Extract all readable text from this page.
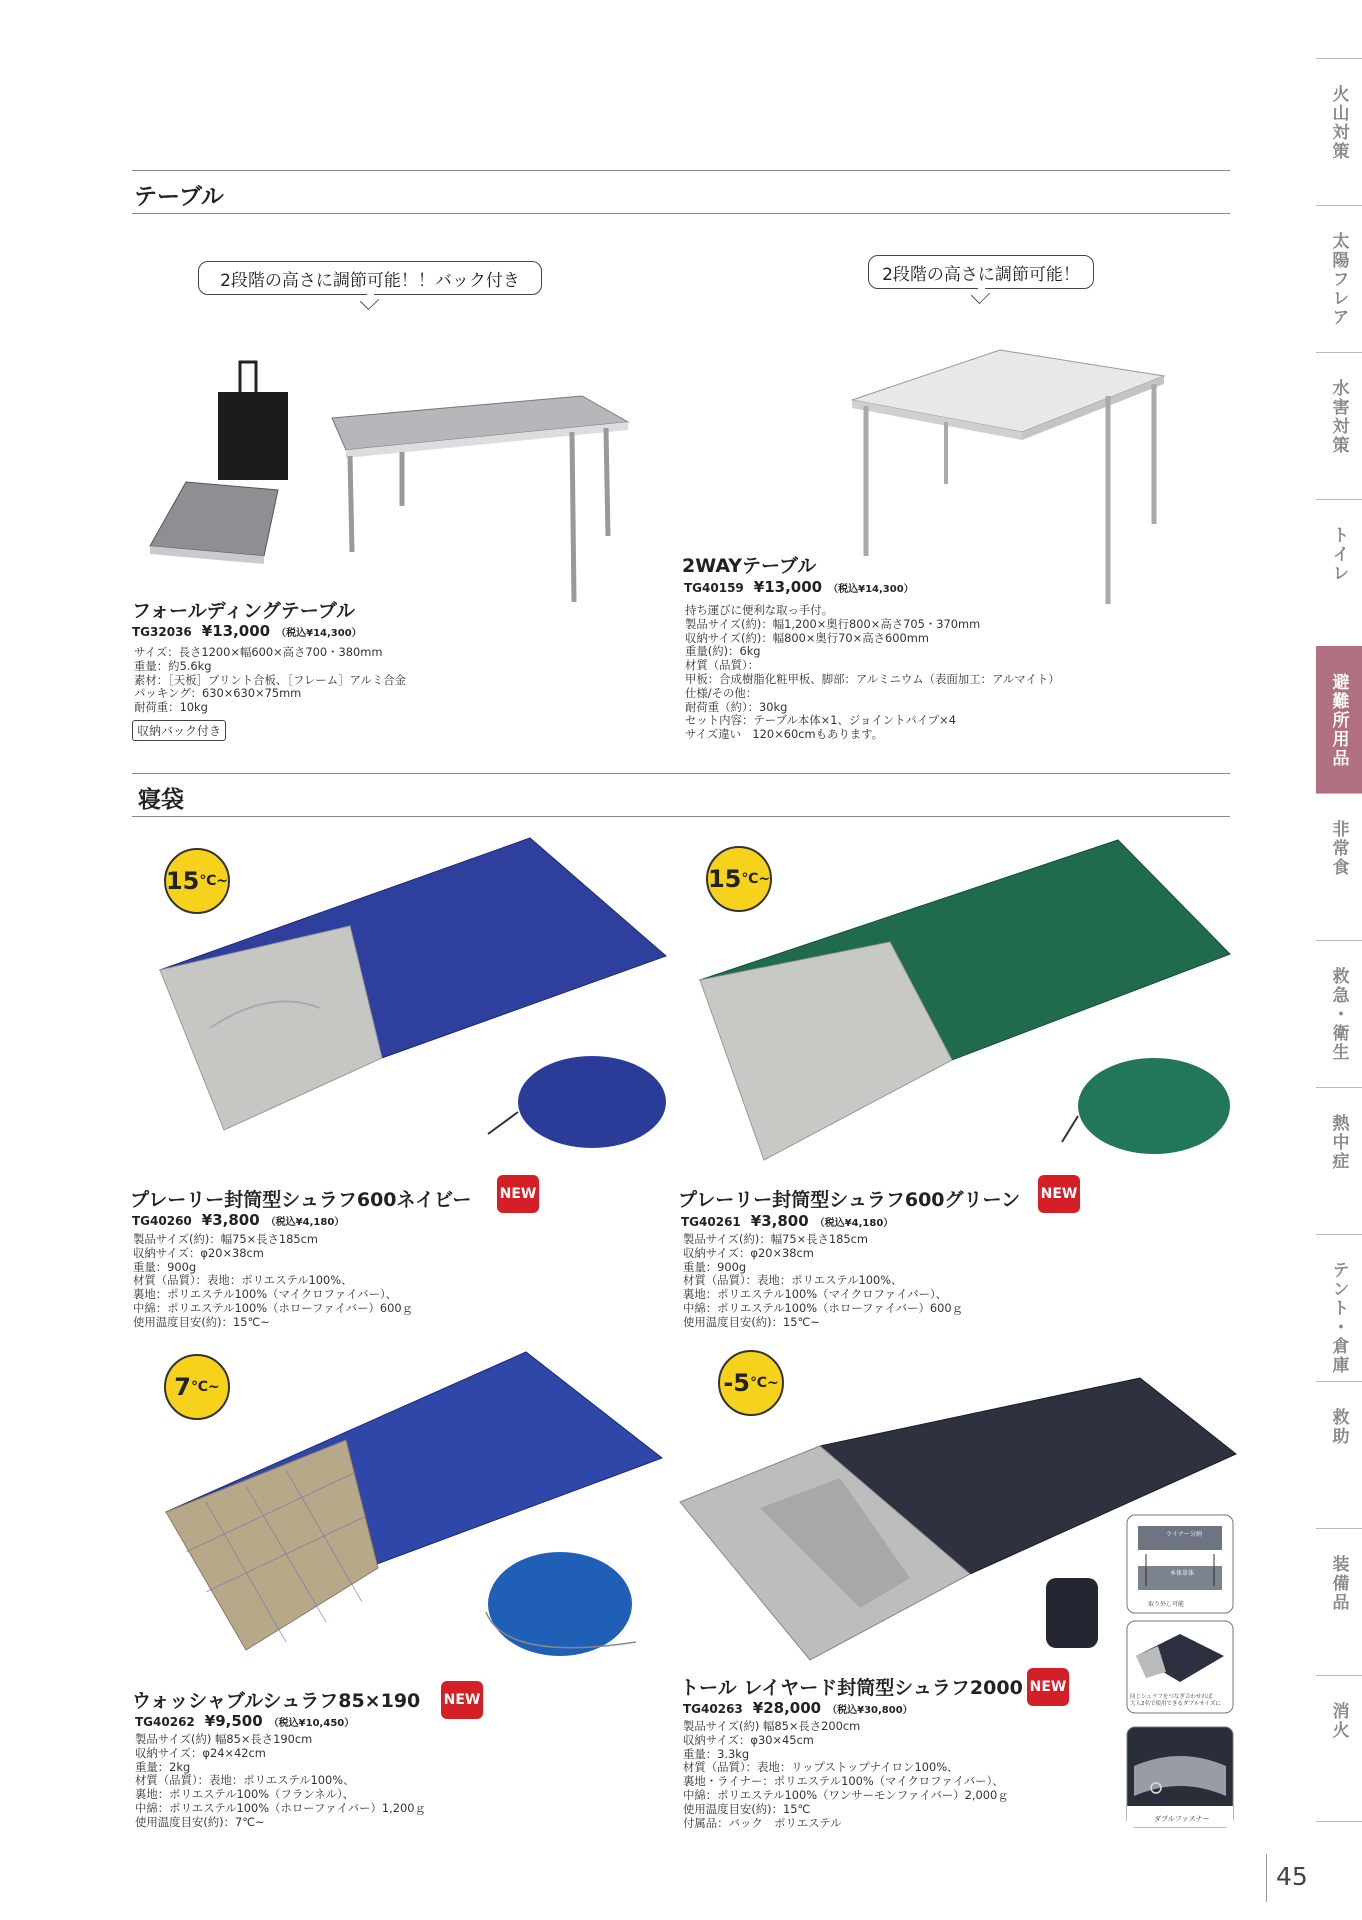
テーブル
2段階の高さに調節可能！！バック付き
フォールディングテーブル
TG32036 ¥13,000 （税込¥14,300）
サイズ：長さ1200×幅600×高さ700・380mm
重量：約5.6kg
素材：［天板］プリント合板、［フレーム］アルミ合金
パッキング：630×630×75mm
耐荷重：10kg
収納バック付き
2段階の高さに調節可能！
2WAYテーブル
TG40159 ¥13,000 （税込¥14,300）
持ち運びに便利な取っ手付。
製品サイズ(約)：幅1,200×奥行800×高さ705・370mm
収納サイズ(約)：幅800×奥行70×高さ600mm
重量(約)：6kg
材質（品質）：
甲板：合成樹脂化粧甲板、脚部：アルミニウム（表面加工：アルマイト）
仕様/その他：
耐荷重（約）：30kg
セット内容：テーブル本体×1、ジョイントパイプ×4
サイズ違い　120×60cmもあります。
寝袋
15 ℃~
プレーリー封筒型シュラフ600ネイビー NEW
TG40260 ¥3,800 （税込¥4,180）
製品サイズ(約)：幅75×長さ185cm
収納サイズ：φ20×38cm
重量：900g
材質（品質）：表地：ポリエステル100%、
裏地：ポリエステル100%（マイクロファイバー）、
中綿：ポリエステル100%（ホローファイバー）600ｇ
使用温度目安(約)：15℃~
15 ℃~
プレーリー封筒型シュラフ600グリーン NEW
TG40261 ¥3,800 （税込¥4,180）
製品サイズ(約)：幅75×長さ185cm
収納サイズ：φ20×38cm
重量：900g
材質（品質）：表地：ポリエステル100%、
裏地：ポリエステル100%（マイクロファイバー）、
中綿：ポリエステル100%（ホローファイバー）600ｇ
使用温度目安(約)：15℃~
7 ℃~
ウォッシャブルシュラフ85×190 NEW
TG40262 ¥9,500 （税込¥10,450）
製品サイズ(約) 幅85×長さ190cm
収納サイズ：φ24×42cm
重量：2kg
材質（品質）：表地：ポリエステル100%、
裏地：ポリエステル100%（フランネル）、
中綿：ポリエステル100%（ホローファイバー）1,200ｇ
使用温度目安(約)：7℃~
-5 ℃~
ライナー分割
本体単体
取り外し可能
同じシュラフをつなぎ合わせれば
大人2名で使用できるダブルサイズに
ダブルファスナー
トール レイヤード封筒型シュラフ2000 NEW
TG40263 ¥28,000 （税込¥30,800）
製品サイズ(約) 幅85×長さ200cm
収納サイズ：φ30×45cm
重量：3.3kg
材質（品質）：表地：リップストップナイロン100%、
裏地・ライナー：ポリエステル100%（マイクロファイバー）、
中綿：ポリエステル100%（ワンサーモンファイバー）2,000ｇ
使用温度目安(約)：15℃
付属品：バック　ポリエステル
火山対策
太陽フレア
水害対策
トイレ
避難所用品
非常食
救急・衛生
熱中症
テント・倉庫
救助
装備品
消火
45
